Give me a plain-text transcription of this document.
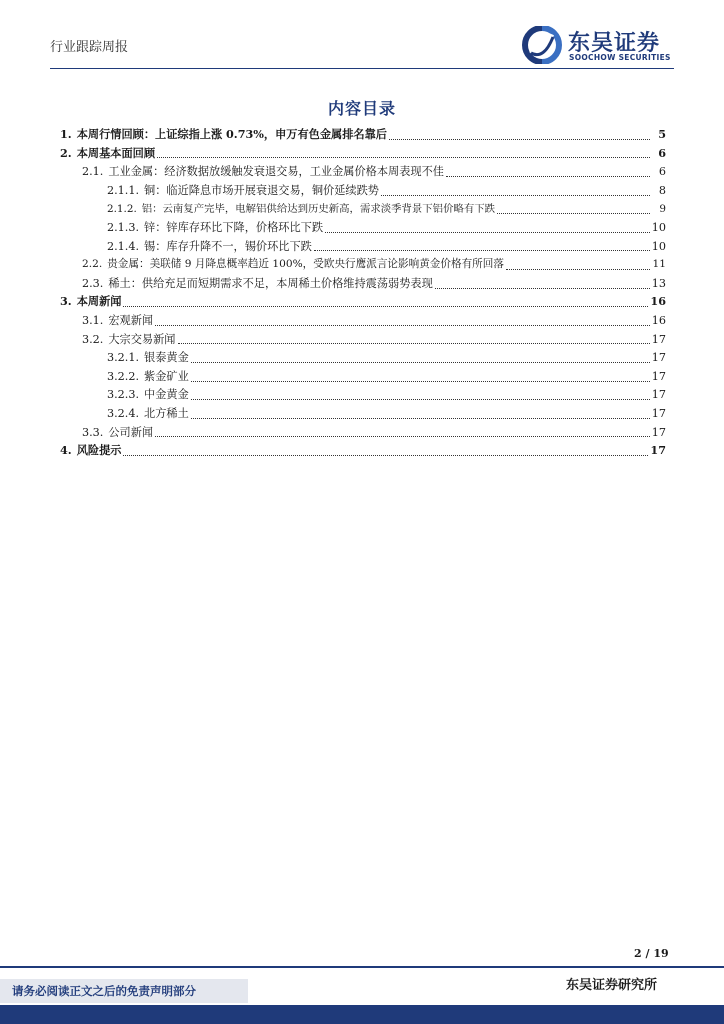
行业跟踪周报	东吴证券
SOOCHOW SECURITIES
内容目录
1. 本周行情回顾：上证综指上涨 0.73%，申万有色金属排名靠后	5
2. 本周基本面回顾	6
2.1. 工业金属：经济数据放缓触发衰退交易，工业金属价格本周表现不佳	6
2.1.1. 铜：临近降息市场开展衰退交易，铜价延续跌势	8
2.1.2. 铝：云南复产完毕，电解铝供给达到历史新高，需求淡季背景下铝价略有下跌	9
2.1.3. 锌：锌库存环比下降，价格环比下跌	10
2.1.4. 锡：库存升降不一，锡价环比下跌	10
2.2. 贵金属：美联储 9 月降息概率趋近 100%，受欧央行鹰派言论影响黄金价格有所回落	11
2.3. 稀土：供给充足而短期需求不足，本周稀土价格维持震荡弱势表现	13
3. 本周新闻	16
3.1. 宏观新闻	16
3.2. 大宗交易新闻	17
3.2.1. 银泰黄金	17
3.2.2. 紫金矿业	17
3.2.3. 中金黄金	17
3.2.4. 北方稀土	17
3.3. 公司新闻	17
4. 风险提示	17
2 / 19
请务必阅读正文之后的免责声明部分	东吴证券研究所
